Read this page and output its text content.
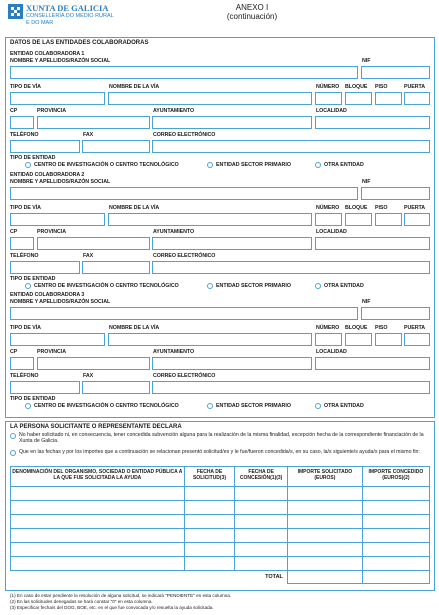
XUNTA DE GALICIA
CONSELLERÍA DO MEDIO RURAL
E DO MAR
ANEXO I
(continuación)
DATOS DE LAS ENTIDADES COLABORADORAS
ENTIDAD COLABORADORA 1
NOMBRE Y APELLIDOS/RAZÓN SOCIAL	NIF
TIPO DE VÍA	NOMBRE DE LA VÍA	NÚMERO BLOQUE PISO	PUERTA
CP	PROVINCIA	AYUNTAMIENTO	LOCALIDAD
TELÉFONO	FAX	CORREO ELECTRÓNICO
TIPO DE ENTIDAD
CENTRO DE INVESTIGACIÓN O CENTRO TECNOLÓGICO	ENTIDAD SECTOR PRIMARIO	OTRA ENTIDAD
ENTIDAD COLABORADORA 2
NOMBRE Y APELLIDOS/RAZÓN SOCIAL	NIF
TIPO DE VÍA	NOMBRE DE LA VÍA	NÚMERO BLOQUE PISO	PUERTA
CP	PROVINCIA	AYUNTAMIENTO	LOCALIDAD
TELÉFONO	FAX	CORREO ELECTRÓNICO
TIPO DE ENTIDAD
CENTRO DE INVESTIGACIÓN O CENTRO TECNOLÓGICO	ENTIDAD SECTOR PRIMARIO	OTRA ENTIDAD
ENTIDAD COLABORADORA 3
NOMBRE Y APELLIDOS/RAZÓN SOCIAL	NIF
TIPO DE VÍA	NOMBRE DE LA VÍA	NÚMERO BLOQUE PISO	PUERTA
CP	PROVINCIA	AYUNTAMIENTO	LOCALIDAD
TELÉFONO	FAX	CORREO ELECTRÓNICO
TIPO DE ENTIDAD
CENTRO DE INVESTIGACIÓN O CENTRO TECNOLÓGICO	ENTIDAD SECTOR PRIMARIO	OTRA ENTIDAD
LA PERSONA SOLICITANTE O REPRESENTANTE DECLARA
No haber solicitado ni, en consecuencia, tener concedida subvención alguna para la realización de la misma finalidad, excepción hecha de la correspondiente financiación de la Xunta de Galicia.
Que en las fechas y por los importes que a continuación se relacionan presentó solicitud/es y le fue/fueron concedida/s, en su caso, la/s siguiente/s ayuda/s para el mismo fin:
DENOMINACIÓN DEL ORGANISMO, SOCIEDAD O ENTIDAD PÚBLICA A LA QUE FUE SOLICITADA LA AYUDA	FECHA DE SOLICITUD(3)	FECHA DE CONCESIÓN(1)(3)	IMPORTE SOLICITADO (EUROS)	IMPORTE CONCEDIDO (EUROS)(2)

TOTAL				
(1) En caso de estar pendiente la resolución de alguna solicitud, se indicará "PENDIENTE" en esta columna.
(2) En las solicitudes denegadas se hará constar "0" en esta columna.
(3) Especificar fecha/s del DOG, BOE, etc. en el que fue convocada y/o resuelta la ayuda solicitada.
